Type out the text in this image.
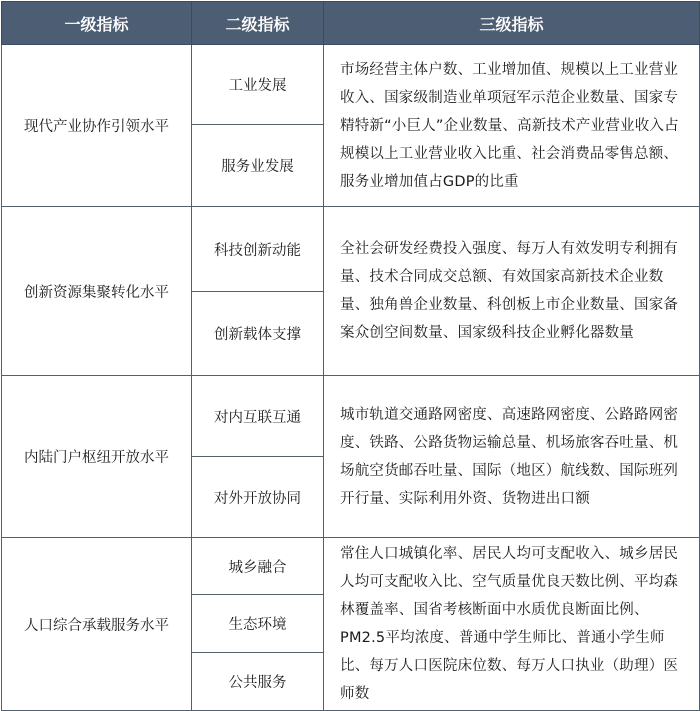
一级指标	二级指标	三级指标
现代产业协作引领水平	工业发展	市场经营主体户数、工业增加值、规模以上工业营业收入、国家级制造业单项冠军示范企业数量、国家专精特新“小巨人”企业数量、高新技术产业营业收入占规模以上工业营业收入比重、社会消费品零售总额、服务业增加值占GDP的比重
	服务业发展	
创新资源集聚转化水平	科技创新动能	全社会研发经费投入强度、每万人有效发明专利拥有量、技术合同成交总额、有效国家高新技术企业数量、独角兽企业数量、科创板上市企业数量、国家备案众创空间数量、国家级科技企业孵化器数量
	创新载体支撑	
内陆门户枢纽开放水平	对内互联互通	城市轨道交通路网密度、高速路网密度、公路路网密度、铁路、公路货物运输总量、机场旅客吞吐量、机场航空货邮吞吐量、国际（地区）航线数、国际班列开行量、实际利用外资、货物进出口额
	对外开放协同	
人口综合承载服务水平	城乡融合	常住人口城镇化率、居民人均可支配收入、城乡居民人均可支配收入比、空气质量优良天数比例、平均森林覆盖率、国省考核断面中水质优良断面比例、PM2.5平均浓度、普通中学生师比、普通小学生师比、每万人口医院床位数、每万人口执业（助理）医师数
	生态环境	
	公共服务	
